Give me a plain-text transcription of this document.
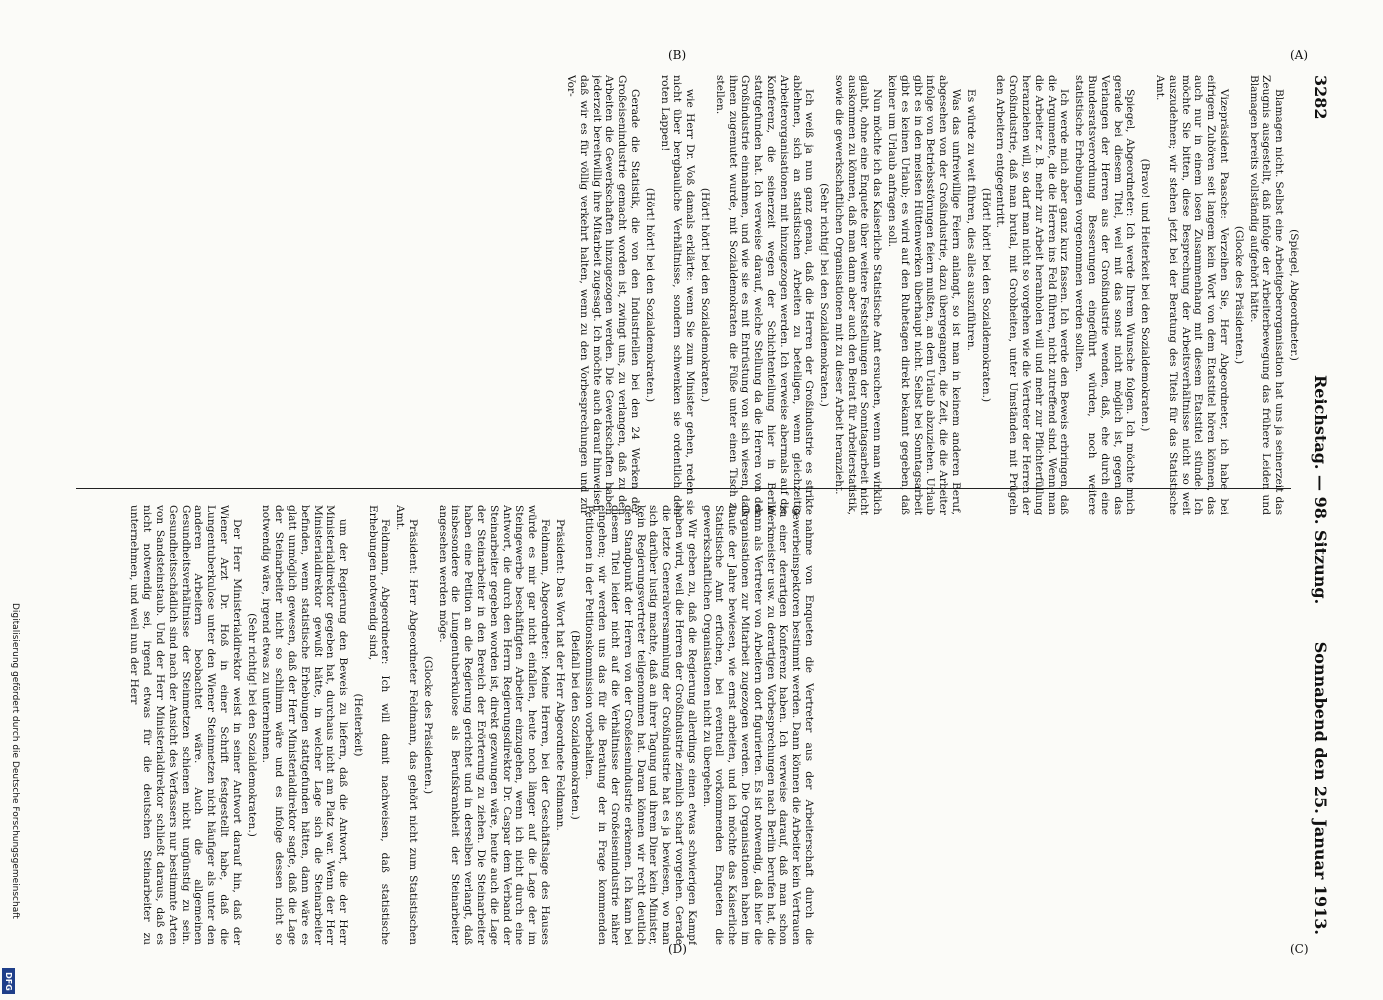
3282
Reichstag. — 98. Sitzung.
Sonnabend den 25. Januar 1913.

(Spiegel, Abgeordneter.)

Blamagen nicht. Selbst eine Arbeitgeberorganisation hat uns ja seinerzeit das Zeugnis ausgestellt, daß infolge der Arbeiterbewegung das frühere Leiden und Blamagen bereits vollständig aufgehört hätte.

(Glocke des Präsidenten.)

Vizepräsident Paasche: Verzeihen Sie, Herr Abgeordneter, ich habe bei eifrigem Zuhören seit langem kein Wort von dem Etatstitel hören können, das auch nur in einem losen Zusammenhang mit diesem Etatstitel stünde. Ich möchte Sie bitten, diese Besprechung der Arbeitsverhältnisse nicht so weit auszudehnen; wir stehen jetzt bei der Beratung des Titels für das Statistische Amt.

(Bravo! und Heiterkeit bei den Sozialdemokraten.)

Spiegel, Abgeordneter: Ich werde Ihrem Wunsche folgen. Ich möchte mich gerade bei diesem Titel, weil mit das sonst nicht möglich ist, gegen das Verlangen der Herren aus der Großindustrie wenden, daß, ehe durch eine Bundesratsverordnung Besserungen eingeführt würden, noch weitere statistische Erhebungen vorgenommen werden sollten.

Ich werde mich aber ganz kurz fassen. Ich werde den Beweis erbringen, daß die Argumente, die die Herren ins Feld führen, nicht zutreffend sind. Wenn man die Arbeiter z. B. mehr zur Arbeit heranholen will und mehr zur Pflichterfüllung heranziehen will, so darf man nicht so vorgehen wie die Vertreter der Herren der Großindustrie, daß man brutal, mit Grobheiten, unter Umständen mit Prügeln den Arbeitern entgegentritt.

(Hört! hört! bei den Sozialdemokraten.)

Es würde zu weit führen, dies alles auszuführen.

Was das unfreiwillige Feiern anlangt, so ist man in keinem anderen Beruf, abgesehen von der Großindustrie, dazu übergegangen, die Zeit, die die Arbeiter infolge von Betriebsstörungen feiern mußten, an dem Urlaub abzuziehen. Urlaub gibt es in den meisten Hüttenwerken überhaupt nicht. Selbst bei Sonntagsarbeit gibt es keinen Urlaub; es wird auf den Ruhetagen direkt bekannt gegeben, daß keiner um Urlaub anfragen soll.

Nun möchte ich das Kaiserliche Statistische Amt ersuchen, wenn man wirklich glaubt, ohne eine Enquete über weitere Feststellungen der Sonntagsarbeit nicht auskommen zu können, daß man dann aber auch den Beirat für Arbeiterstatistik, sowie die gewerkschaftlichen Organisationen mit zu dieser Arbeit heranzieht.

(Sehr richtig! bei den Sozialdemokraten.)

Ich weiß ja nun ganz genau, daß die Herren der Großindustrie es strikte ablehnen, sich an statistischen Arbeiten zu beteiligen, wenn gleichzeitig Arbeiterorganisationen mit hinzugezogen werden. Ich verweise abermals auf die Konferenz, die seinerzeit wegen der Schichtenteilung hier in Berlin stattgefunden hat. Ich verweise darauf, welche Stellung da die Herren von der Großindustrie einnahmen, und wie sie es mit Entrüstung von sich wiesen, daß ihnen zugemutet wurde, mit Sozialdemokraten die Füße unter einen Tisch zu stellen.

(Hört! hört! bei den Sozialdemokraten.)

wie Herr Dr. Voß damals erklärte: wenn Sie zum Minister gehen, reden sie nicht über bergbauliche Verhältnisse, sondern schwenken sie ordentlich den roten Lappen!

(Hört! hört! bei den Sozialdemokraten.)

Gerade die Statistik, die von den Industriellen bei den 24 Werken der Großeisenindustrie gemacht worden ist, zwingt uns, zu verlangen, daß zu den Arbeiten die Gewerkschaften hinzugezogen werden. Die Gewerkschaften haben jederzeit bereitwillig ihre Mitarbeit zugesagt. Ich möchte auch darauf hinweisen, daß wir es für völlig verkehrt halten, wenn zu den Vorbesprechungen und zur Vor-

nahme von Enqueten die Vertreter aus der Arbeiterschaft durch die Gewerbeinspektoren bestimmt werden. Dann können die Arbeiter kein Vertrauen zu einer derartigen Konferenz haben. Ich verweise darauf, daß man schon Werkmeister usw. zu derartigen Vorbesprechungen nach Berlin berufen hat, die dann als Vertreter von Arbeitern dort figurierten. Es ist notwendig, daß hier die Organisationen zur Mitarbeit zugezogen werden. Die Organisationen haben im Laufe der Jahre bewiesen, wie ernst arbeiten, und ich möchte das Kaiserliche Statistische Amt erfuchen, bei eventuell vorkommenden Enqueten die gewerkschaftlichen Organisationen nicht zu übergehen.

Wir geben zu, daß die Regierung allerdings einen etwas schwierigen Kampf haben wird, weil die Herren der Großindustrie ziemlich scharf vorgehen. Gerade die letzte Generalversammlung der Großindustrie hat es ja bewiesen, wo man sich darüber lustig machte, daß an ihrer Tagung und ihrem Diner kein Minister, kein Regierungsvertreter teilgenommen hat. Daran können wir recht deutlich den Standpunkt der Herren von der Großeisenindustrie erkennen. Ich kann bei diesem Titel leider nicht auf die Verhältnisse der Großeisenindustrie näher eingehen; wir werden uns das für die Beratung der in Frage kommenden Petitionen in der Petitionskommission vorbehalten.

(Beifall bei den Sozialdemokraten.)

Präsident: Das Wort hat der Herr Abgeordnete Feldmann.

Feldmann, Abgeordneter: Meine Herren, bei der Geschäftslage des Hauses würde es mir gar nicht einfallen, heute noch länger auf die Lage der im Steingewerbe beschäftigten Arbeiter einzugehen, wenn ich nicht durch eine Antwort, die durch den Herrn Regierungsdirektor Dr. Caspar dem Verband der Steinarbeiter gegeben worden ist, direkt gezwungen wäre, heute auch die Lage der Steinarbeiter in den Bereich der Erörterung zu ziehen. Die Steinarbeiter haben eine Petition an die Regierung gerichtet und in derselben verlangt, daß insbesondere die Lungentuberkulose als Berufskrankheit der Steinarbeiter angesehen werden möge.

(Glocke des Präsidenten.)

Präsident: Herr Abgeordneter Feldmann, das gehört nicht zum Statistischen Amt.

Feldmann, Abgeordneter: Ich will damit nachweisen, daß statistische Erhebungen notwendig sind,

(Heiterkeit)

um der Regierung den Beweis zu liefern, daß die Antwort, die der Herr Ministerialdirektor gegeben hat, durchaus nicht am Platz war. Wenn der Herr Ministerialdirektor gewußt hätte, in welcher Lage sich die Steinarbeiter befinden, wenn statistische Erhebungen stattgefunden hätten, dann wäre es glatt unmöglich gewesen, daß der Herr Ministerialdirektor sagte, daß die Lage der Steinarbeiter nicht so schlimm wäre und es infolge dessen nicht so notwendig wäre, irgend etwas zu unternehmen.

(Sehr richtig! bei den Sozialdemokraten.)

Der Herr Ministerialdirektor weist in seiner Antwort darauf hin, daß der Wiener Arzt Dr. Hoß in einer Schrift festgestellt habe, daß die Lungentuberkulose unter den Wiener Steinmetzen nicht häufiger als unter den anderen Arbeitern beobachtet wäre. Auch die allgemeinen Gesundheitsverhältnisse der Steinmetzen schienen nicht ungünstig zu sein. Gesundheitsschädlich sind nach der Ansicht des Verfassers nur bestimmte Arten von Sandsteinstaub. Und der Herr Ministerialdirektor schließt daraus, daß es nicht notwendig sei, irgend etwas für die deutschen Steinarbeiter zu unternehmen, und weil nun der Herr

(A)
(C)
(B)
(D)
Digitalisierung gefördert durch die Deutsche Forschungsgemeinschaft
DFG
